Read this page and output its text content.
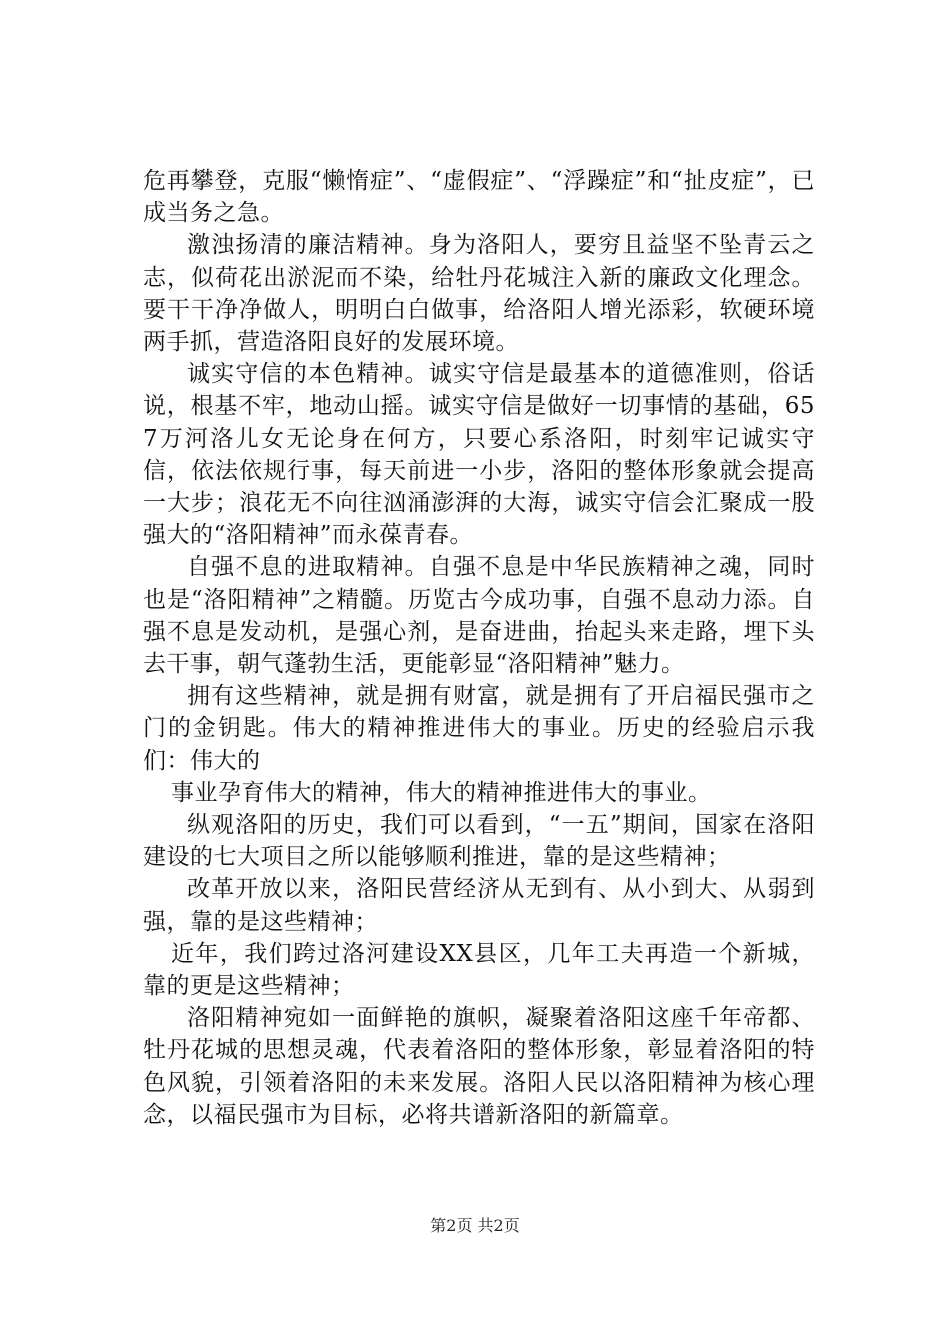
危再攀登，克服“懒惰症”、“虚假症”、“浮躁症”和“扯皮症”，已成当务之急。

激浊扬清的廉洁精神。身为洛阳人，要穷且益坚不坠青云之志，似荷花出淤泥而不染，给牡丹花城注入新的廉政文化理念。要干干净净做人，明明白白做事，给洛阳人增光添彩，软硬环境两手抓，营造洛阳良好的发展环境。

诚实守信的本色精神。诚实守信是最基本的道德准则，俗话说，根基不牢，地动山摇。诚实守信是做好一切事情的基础，657万河洛儿女无论身在何方，只要心系洛阳，时刻牢记诚实守信，依法依规行事，每天前进一小步，洛阳的整体形象就会提高一大步；浪花无不向往汹涌澎湃的大海，诚实守信会汇聚成一股强大的“洛阳精神”而永葆青春。

自强不息的进取精神。自强不息是中华民族精神之魂，同时也是“洛阳精神”之精髓。历览古今成功事，自强不息动力添。自强不息是发动机，是强心剂，是奋进曲，抬起头来走路，埋下头去干事，朝气蓬勃生活，更能彰显“洛阳精神”魅力。

拥有这些精神，就是拥有财富，就是拥有了开启福民强市之门的金钥匙。伟大的精神推进伟大的事业。历史的经验启示我们：伟大的

事业孕育伟大的精神，伟大的精神推进伟大的事业。

纵观洛阳的历史，我们可以看到，“一五”期间，国家在洛阳建设的七大项目之所以能够顺利推进，靠的是这些精神；

改革开放以来，洛阳民营经济从无到有、从小到大、从弱到强，靠的是这些精神；

近年，我们跨过洛河建设XX县区，几年工夫再造一个新城，靠的更是这些精神；

洛阳精神宛如一面鲜艳的旗帜，凝聚着洛阳这座千年帝都、牡丹花城的思想灵魂，代表着洛阳的整体形象，彰显着洛阳的特色风貌，引领着洛阳的未来发展。洛阳人民以洛阳精神为核心理念，以福民强市为目标，必将共谱新洛阳的新篇章。

第2页 共2页
